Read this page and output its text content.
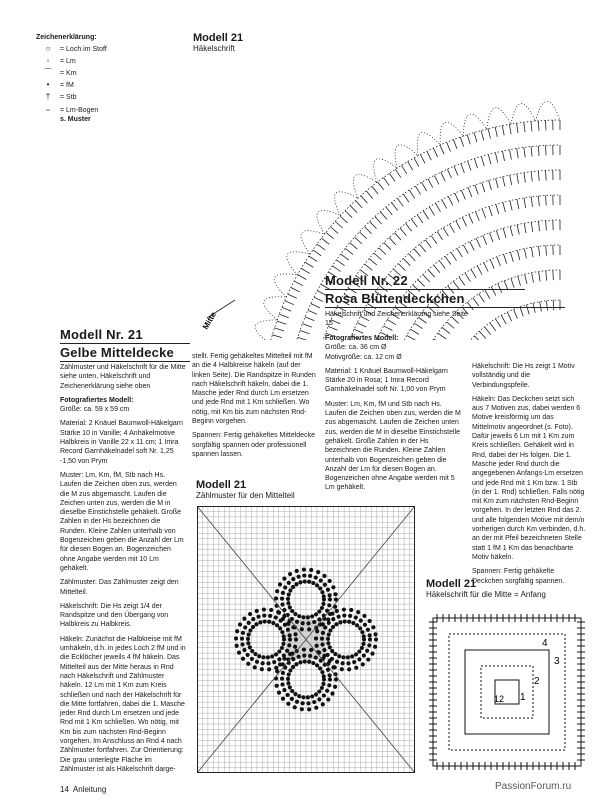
Zeichenerklärung:
○ = Loch im Stoff
◦ = Lm
⌒ = Km
• = fM
† = Stb
⌣ = Lm-Bogen
s. Muster
Modell 21
Häkelschrift
Mitte
Modell Nr. 22
Rosa Blütendeckchen
Häkelschrift und Zeichenerklärung siehe Seite 15

Fotografiertes Modell:
Größe: ca. 36 cm Ø
Motivgröße: ca. 12 cm Ø

Material: 1 Knäuel Baumwoll-Häkelgarn Stärke 20 in Rosa; 1 Imra Record Garnhäkelnadel soft Nr. 1,00 von Prym

Muster: Lm, Km, fM und Stb nach Hs. Laufen die Zeichen oben zus, werden die M zus abgemascht. Laufen die Zeichen unten zus, werden die M in dieselbe Einstichstelle gehäkelt. Große Zahlen in der Hs bezeichnen die Runden. Kleine Zahlen unterhalb von Bogenzeichen geben die Anzahl der Lm für diesen Bogen an. Bogenzeichen ohne Angabe werden mit 5 Lm gehäkelt.

Häkelschrift: Die Hs zeigt 1 Motiv vollständig und die Verbindungspfeile.

Häkeln: Das Deckchen setzt sich aus 7 Motiven zus, dabei werden 6 Motive kreisförmig um das Mittelmotiv angeordnet (s. Foto). Dafür jeweils 6 Lm mit 1 Km zum Kreis schließen. Gehäkelt wird in Rnd, dabei der Hs folgen. Die 1. Masche jeder Rnd durch die angegebenen Anfangs-Lm ersetzen und jede Rnd mit 1 Km bzw. 1 Stb (in der 1. Rnd) schließen. Falls nötig mit Km zum nächsten Rnd-Beginn vorgehen. In der letzten Rnd das 2. und alle folgenden Motive mit dem/n vorherigen durch Km verbinden, d.h. an der mit Pfeil bezeichneten Stelle statt 1 fM 1 Km das benachbarte Motiv häkeln.

Spannen: Fertig gehäkelte Deckchen sorgfältig spannen.

Modell Nr. 21
Gelbe Mitteldecke

Zählmuster und Häkelschrift für die Mitte siehe unten, Häkelschrift und Zeichenerklärung siehe oben

Fotografiertes Modell:
Größe: ca. 59 x 59 cm

Material: 2 Knäuel Baumwoll-Häkelgarn Stärke 10 in Vanille; 4 Anhäkelmotive Halbkreis in Vanille 22 x 11 cm; 1 Imra Record Garnhäkelnadel soft Nr. 1,25 -1,50 von Prym

Muster: Lm, Km, fM, Stb nach Hs. Laufen die Zeichen oben zus, werden die M zus abgemascht. Laufen die Zeichen unten zus, werden die M in dieselbe Einstichstelle gehäkelt. Große Zahlen in der Hs bezeichnen die Runden. Kleine Zahlen unterhalb von Bogenzeichen geben die Anzahl der Lm für diesen Bogen an. Bogenzeichen ohne Angabe werden mit 10 Lm gehäkelt.

Zählmuster: Das Zählmuster zeigt den Mittelteil.

Häkelschrift: Die Hs zeigt 1/4 der Randspitze und den Übergang von Halbkreis zu Halbkreis.

Häkeln: Zunächst die Halbkreise mit fM umhäkeln, d.h. in jedes Loch 2 fM und in die Ecklöcher jeweils 4 fM häkeln. Das Mittelteil aus der Mitte heraus in Rnd nach Häkelschrift und Zählmuster häkeln. 12 Lm mit 1 Km zum Kreis schließen und nach der Häkelschrift für die Mitte fortfahren, dabei die 1. Masche jeder Rnd durch Lm ersetzen und jede Rnd mit 1 Km schließen. Wo nötig, mit Km bis zum nächsten Rnd-Beginn vorgehen. Im Anschluss an Rnd 4 nach Zählmuster fortfahren. Zur Orientierung: Die grau unterlegte Fläche im Zählmuster ist als Häkelschrift darge-

stellt. Fertig gehäkeltes Mittelteil mit fM an die 4 Halbkreise häkeln (auf der linken Seite). Die Randspitze in Runden nach Häkelschrift häkeln, dabei die 1. Masche jeder Rnd durch Lm ersetzen und jede Rnd mit 1 Km schließen. Wo nötig, mit Km bis zum nächsten Rnd-Beginn vorgehen.

Spannen: Fertig gehäkeltes Mitteldecke sorgfältig spannen oder professionell spannen lassen.

Modell 21
Zählmuster für den Mittelteil
Modell 21
Häkelschrift für die Mitte = Anfang
4
3
2
1
12
14 Anleitung	PassionForum.ru
